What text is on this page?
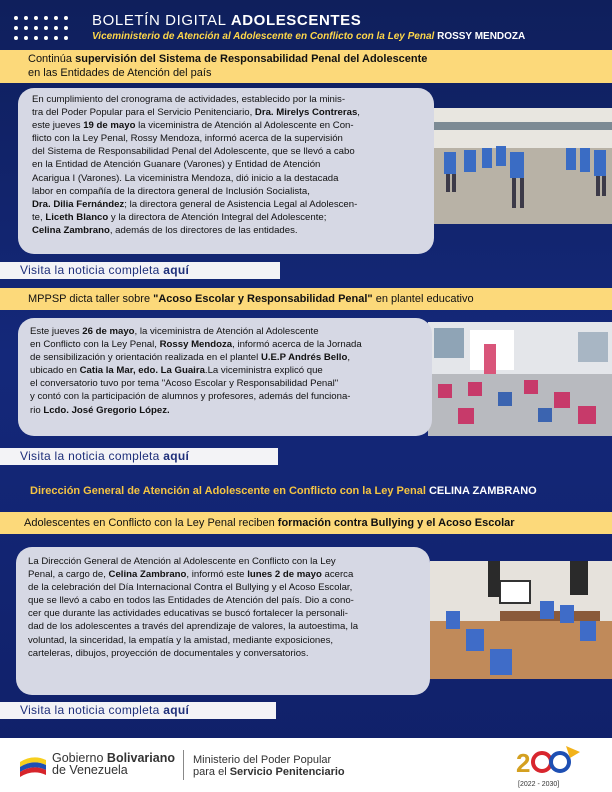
BOLETÍN DIGITAL ADOLESCENTES
Viceministerio de Atención al Adolescente en Conflicto con la Ley Penal ROSSY MENDOZA
Continúa supervisión del Sistema de Responsabilidad Penal del Adolescente
en las Entidades de Atención del país
En cumplimiento del cronograma de actividades, establecido por la minis-
tra del Poder Popular para el Servicio Penitenciario, Dra. Mirelys Contreras,
este jueves 19 de mayo la viceministra de Atención al Adolescente en Con-
flicto con la Ley Penal, Rossy Mendoza, informó acerca de la supervisión
del Sistema de Responsabilidad Penal del Adolescente, que se llevó a cabo
en la Entidad de Atención Guanare (Varones) y Entidad de Atención
Acarigua I (Varones). La viceministra Mendoza, dió inicio a la destacada
labor en compañía de la directora general de Inclusión Socialista,
Dra. Dilia Fernández; la directora general de Asistencia Legal al Adolescen-
te, Liceth Blanco y la directora de Atención Integral del Adolescente;
Celina Zambrano, además de los directores de las entidades.
Visita la noticia completa aquí
MPPSP dicta taller sobre "Acoso Escolar y Responsabilidad Penal" en plantel educativo
Este jueves 26 de mayo, la viceministra de Atención al Adolescente
en Conflicto con la Ley Penal, Rossy Mendoza, informó acerca de la Jornada
de sensibilización y orientación realizada en el plantel U.E.P Andrés Bello,
ubicado en Catia la Mar, edo. La Guaira.La viceministra explicó que
el conversatorio tuvo por tema "Acoso Escolar y Responsabilidad Penal"
y contó con la participación de alumnos y profesores, además del funciona-
rio Lcdo. José Gregorio López.
Visita la noticia completa aquí
Dirección General de Atención al Adolescente en Conflicto con la Ley Penal CELINA ZAMBRANO
Adolescentes en Conflicto con la Ley Penal reciben formación contra Bullying y el Acoso Escolar
La Dirección General de Atención al Adolescente en Conflicto con la Ley
Penal, a cargo de, Celina Zambrano, informó este lunes 2 de mayo acerca
de la celebración del Día Internacional Contra el Bullying y el Acoso Escolar,
que se llevó a cabo en todos las Entidades de Atención del país. Dio a cono-
cer que durante las actividades educativas se buscó fortalecer la personali-
dad de los adolescentes a través del aprendizaje de valores, la autoestima, la
voluntad, la sinceridad, la empatía y la amistad, mediante exposiciones,
carteleras, dibujos, proyección de documentales y conversatorios.
Visita la noticia completa aquí
Gobierno Bolivariano
de Venezuela
Ministerio del Poder Popular
para el Servicio Penitenciario	2
[2022 - 2030]
